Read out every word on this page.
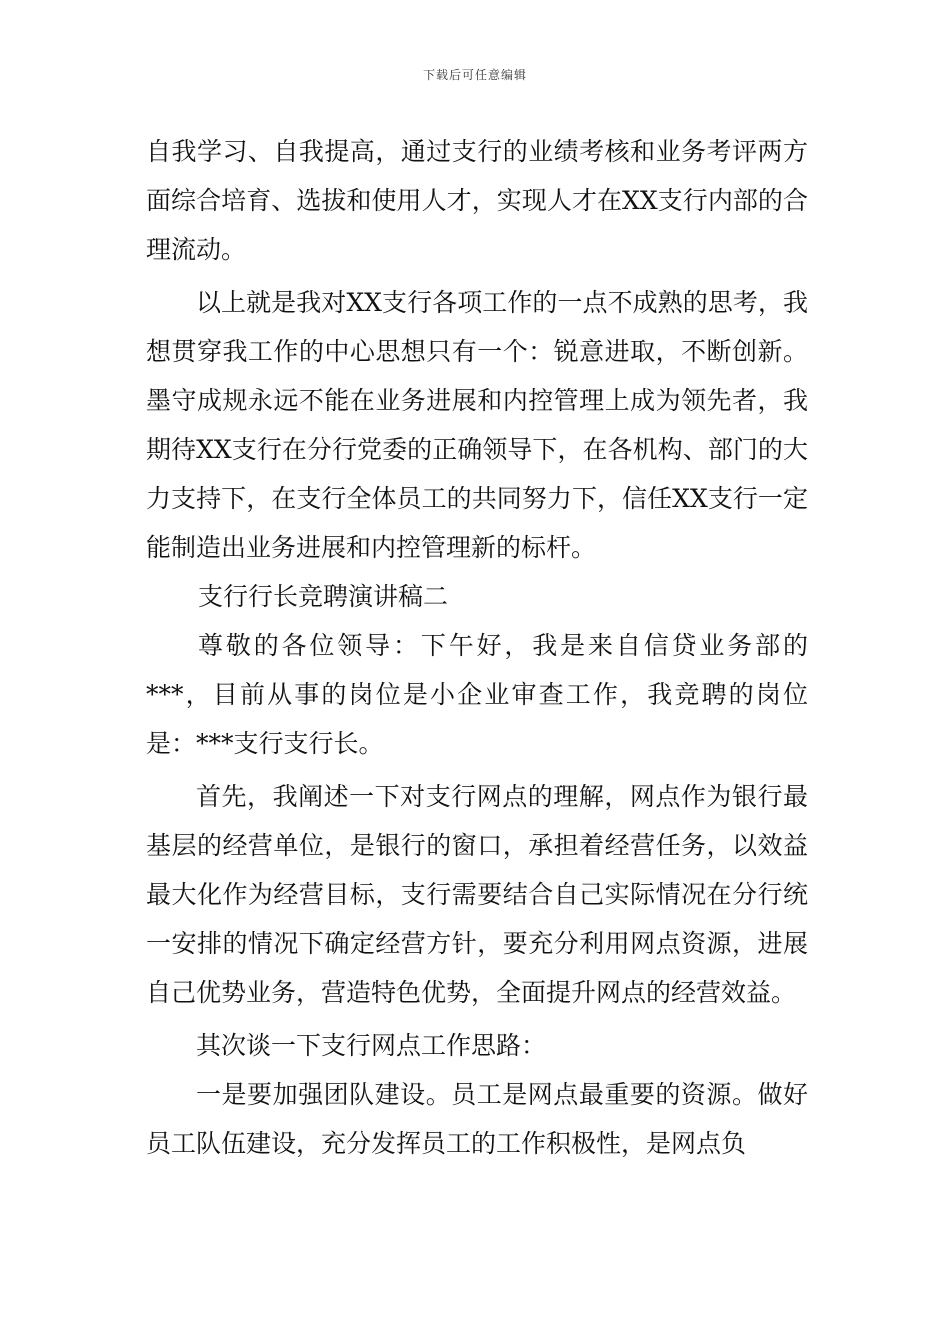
下载后可任意编辑

自我学习、自我提高，通过支行的业绩考核和业务考评两方面综合培育、选拔和使用人才，实现人才在XX支行内部的合理流动。

以上就是我对XX支行各项工作的一点不成熟的思考，我想贯穿我工作的中心思想只有一个：锐意进取，不断创新。墨守成规永远不能在业务进展和内控管理上成为领先者，我期待XX支行在分行党委的正确领导下，在各机构、部门的大力支持下，在支行全体员工的共同努力下，信任XX支行一定能制造出业务进展和内控管理新的标杆。

支行行长竞聘演讲稿二

尊敬的各位领导：下午好，我是来自信贷业务部的***，目前从事的岗位是小企业审查工作，我竞聘的岗位是：***支行支行长。

首先，我阐述一下对支行网点的理解，网点作为银行最基层的经营单位，是银行的窗口，承担着经营任务，以效益最大化作为经营目标，支行需要结合自己实际情况在分行统一安排的情况下确定经营方针，要充分利用网点资源，进展自己优势业务，营造特色优势，全面提升网点的经营效益。

其次谈一下支行网点工作思路：

一是要加强团队建设。员工是网点最重要的资源。做好员工队伍建设，充分发挥员工的工作积极性，是网点负
